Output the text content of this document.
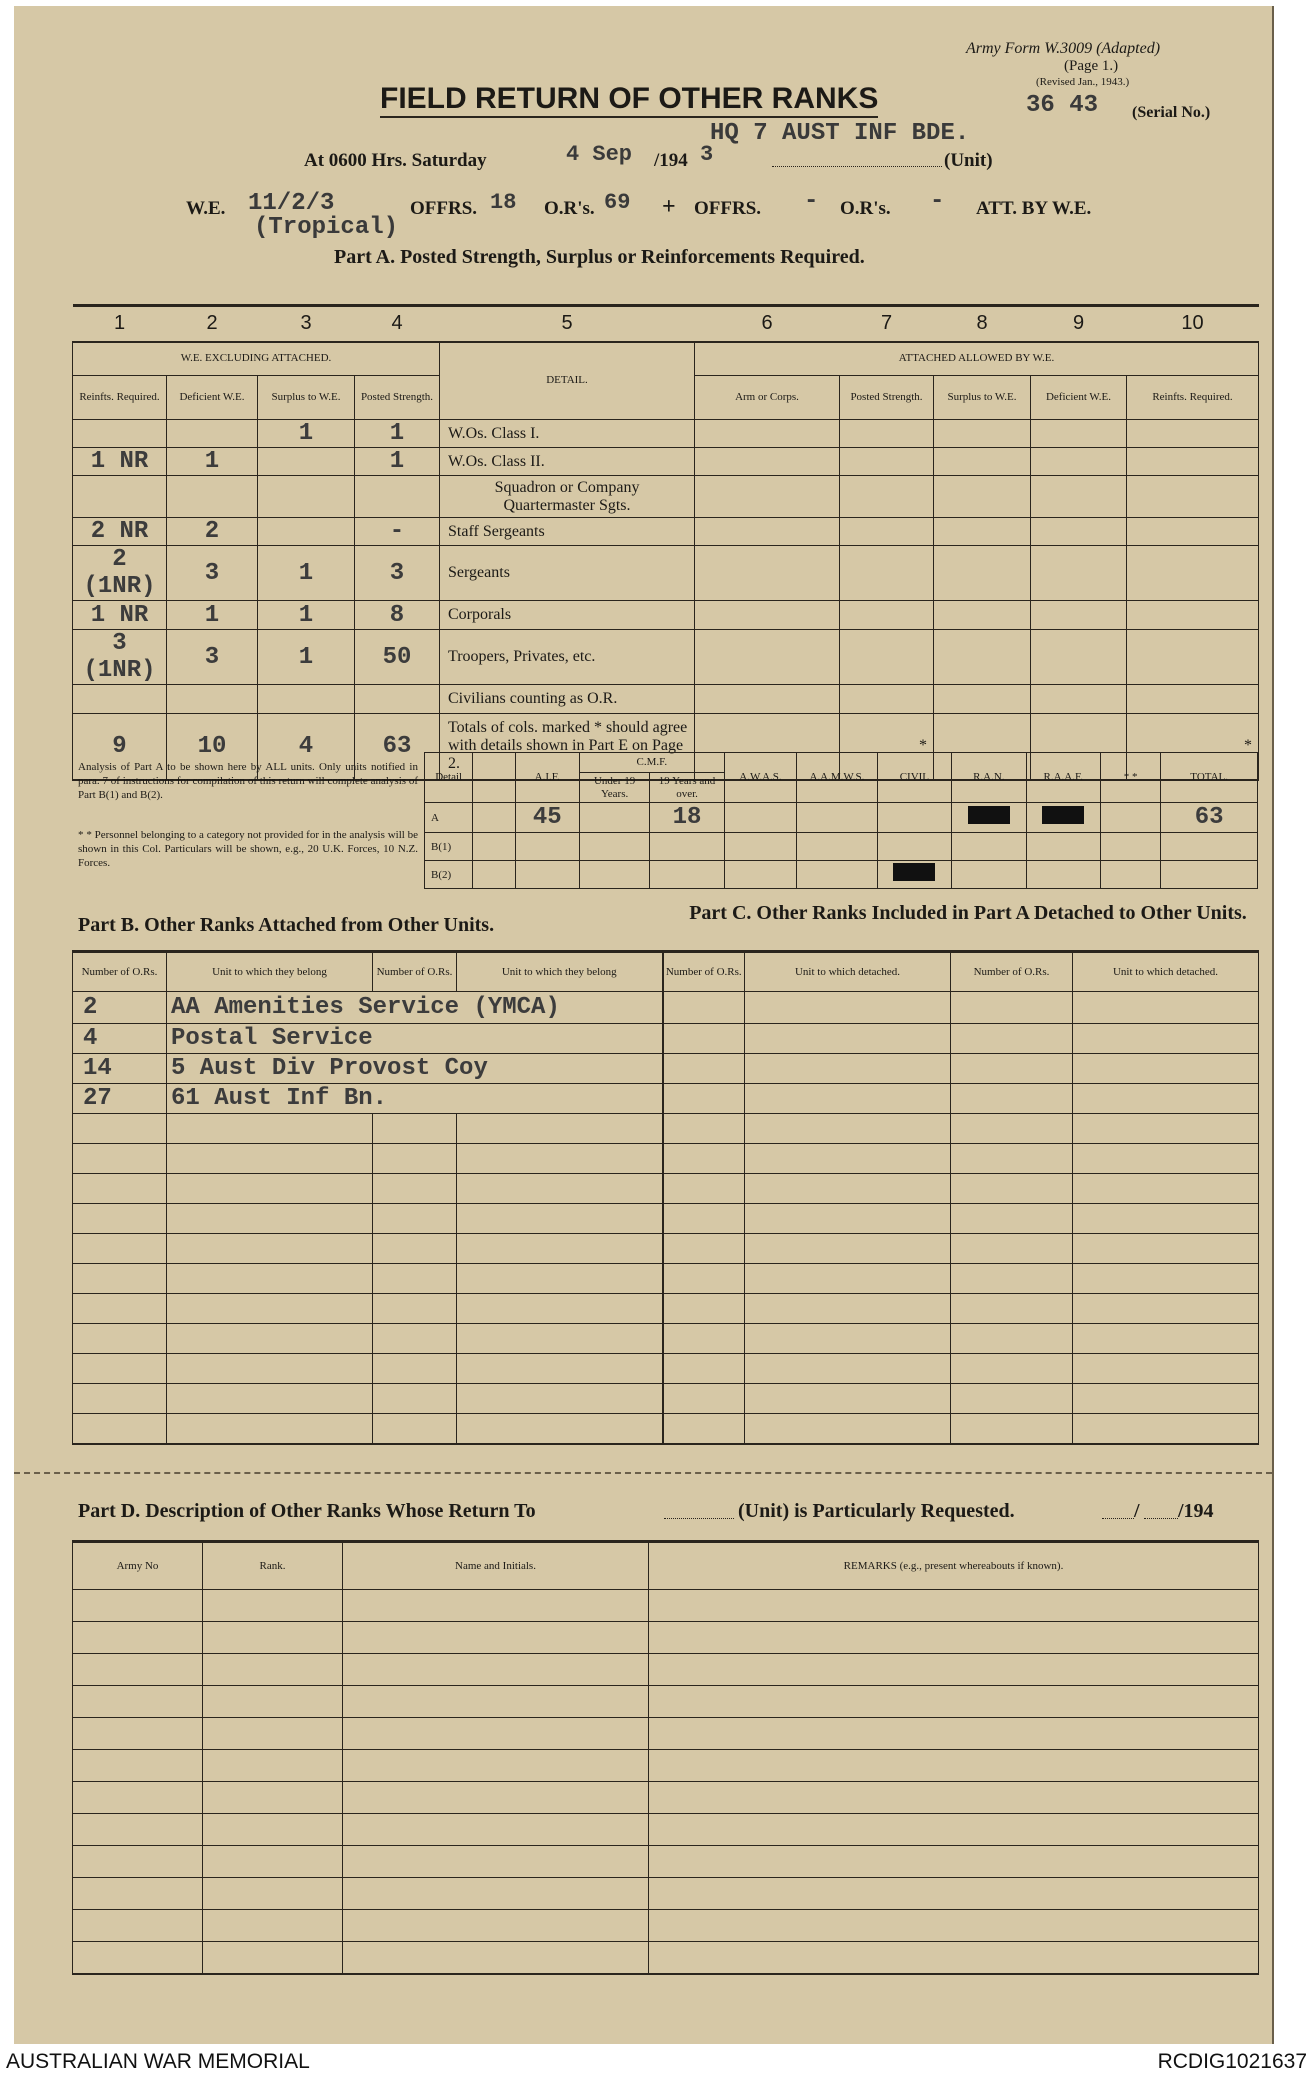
Army Form W.3009 (Adapted)
(Page 1.)
(Revised Jan., 1943.)
36 43 (Serial No.)
FIELD RETURN OF OTHER RANKS
At 0600 Hrs. Saturday	4 Sep /194 3
HQ 7 AUST INF BDE.
(Unit)
W.E. 11/2/3
(Tropical)
OFFRS. 18 O.R's. 69 + OFFRS. - O.R's. - ATT. BY W.E.
Part A. Posted Strength, Surplus or Reinforcements Required.
1	2	3	4	5	6	7	8	9	10
W.E. EXCLUDING ATTACHED.				DETAIL.	ATTACHED ALLOWED BY W.E.				
Reinfts. Required.	Deficient W.E.	Surplus to W.E.	Posted Strength.		Arm or Corps.	Posted Strength.	Surplus to W.E.	Deficient W.E.	Reinfts. Required.
		1	1	W.Os. Class I.					
1 NR	1		1	W.Os. Class II.					
				Squadron or Company Quartermaster Sgts.					
2 NR	2		-	Staff Sergeants					
2 (1NR)	3	1	3	Sergeants					
1 NR	1	1	8	Corporals					
3 (1NR)	3	1	50	Troopers, Privates, etc.					
				Civilians counting as O.R.					
9	10	4	63	Totals of cols. marked * should agree with details shown in Part E on Page 2.		*			*
Analysis of Part A to be shown here by ALL units. Only units notified in para. 7 of instructions for compilation of this return will complete analysis of Part B(1) and B(2).
* * Personnel belonging to a category not provided for in the analysis will be shown in this Col. Particulars will be shown, e.g., 20 U.K. Forces, 10 N.Z. Forces.
Detail		A.I.F.	C.M.F.		A.W.A.S.	A.A.M.W.S.	CIVIL	R.A.N.	R.A.A.F.	* *	TOTAL.
			Under 19 Years.	19 Years and over.							
A		45		18							63
B(1)											
B(2)											
Part B. Other Ranks Attached from Other Units.
Part C. Other Ranks Included in Part A Detached to Other Units.
Number of O.Rs.	Unit to which they belong	Number of O.Rs.	Unit to which they belong	Number of O.Rs.	Unit to which detached.	Number of O.Rs.	Unit to which detached.
2	AA Amenities Service (YMCA)						
4	Postal Service						
14	5 Aust Div Provost Coy						
27	61 Aust Inf Bn.						

Part D. Description of Other Ranks Whose Return To	(Unit) is Particularly Requested.	/ /194
Army No	Rank.	Name and Initials.	REMARKS (e.g., present whereabouts if known).

AUSTRALIAN WAR MEMORIAL	RCDIG1021637
